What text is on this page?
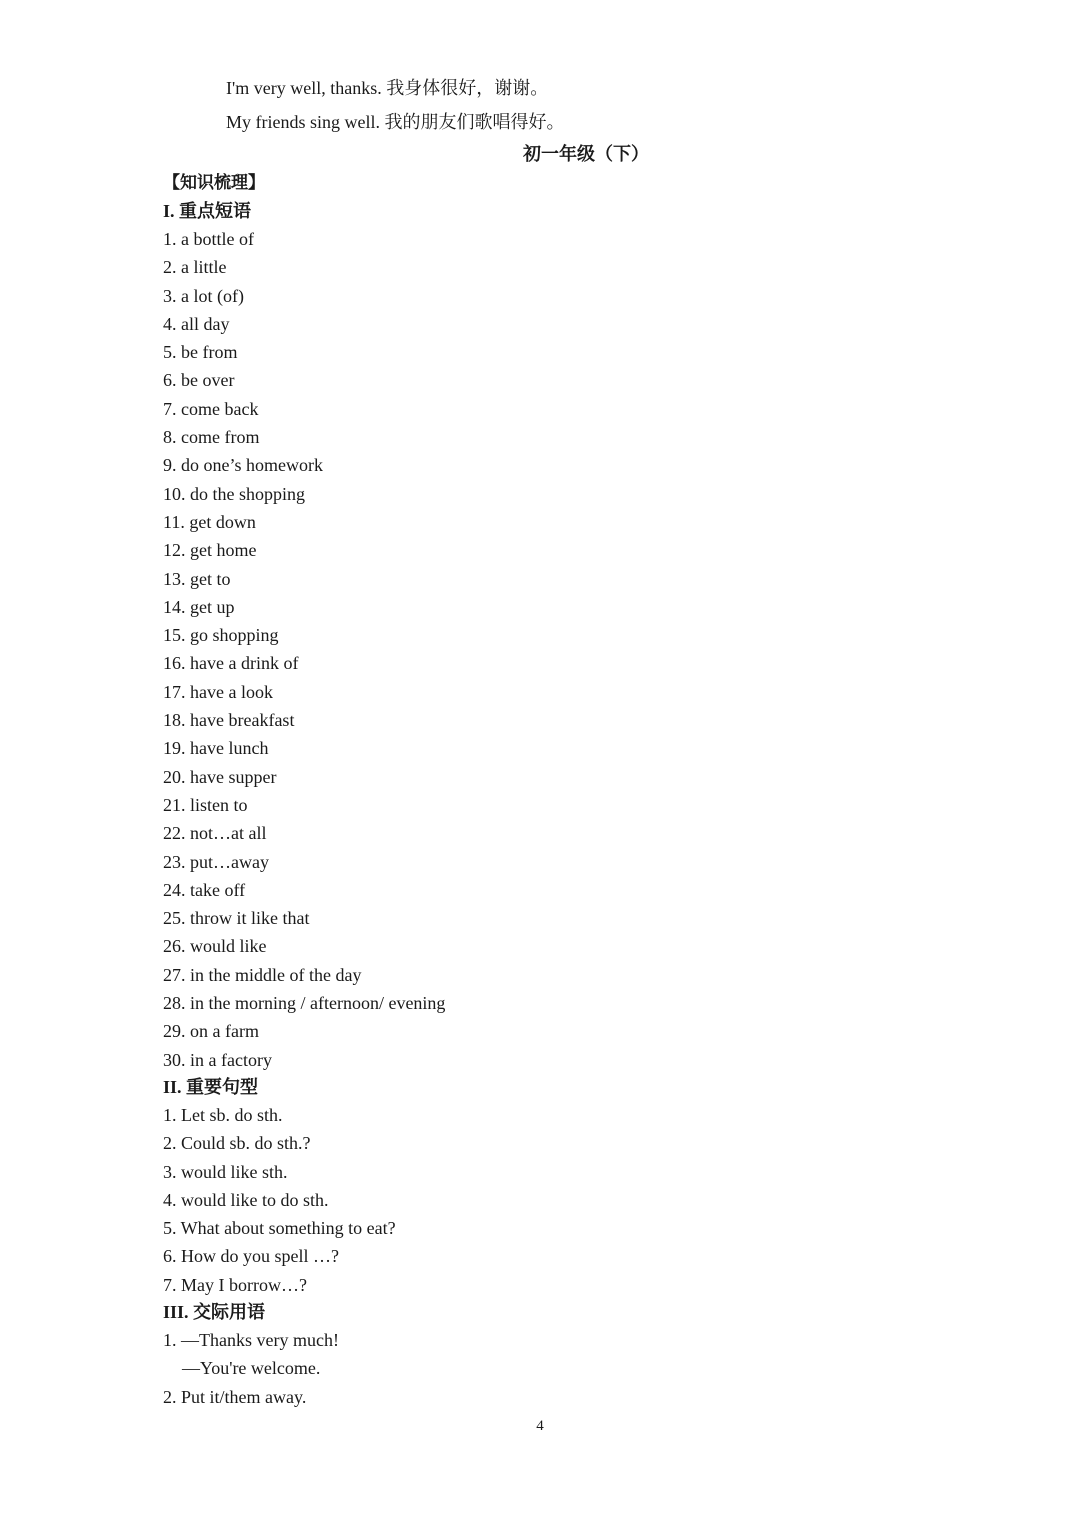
I'm very well, thanks. 我身体很好，谢谢。
My friends sing well. 我的朋友们歌唱得好。
初一年级（下）
【知识梳理】
I. 重点短语
1. a bottle of
2. a little
3. a lot (of)
4. all day
5. be from
6. be over
7. come back
8. come from
9. do one’s homework
10. do the shopping
11. get down
12. get home
13. get to
14. get up
15. go shopping
16. have a drink of
17. have a look
18. have breakfast
19. have lunch
20. have supper
21. listen to
22. not…at all
23. put…away
24. take off
25. throw it like that
26. would like
27. in the middle of the day
28. in the morning / afternoon/ evening
29. on a farm
30. in a factory
II. 重要句型
1. Let sb. do sth.
2. Could sb. do sth.?
3. would like sth.
4. would like to do sth.
5. What about something to eat?
6. How do you spell …?
7. May I borrow…?
III. 交际用语
1. —Thanks very much!
—You're welcome.
2. Put it/them away.
4
